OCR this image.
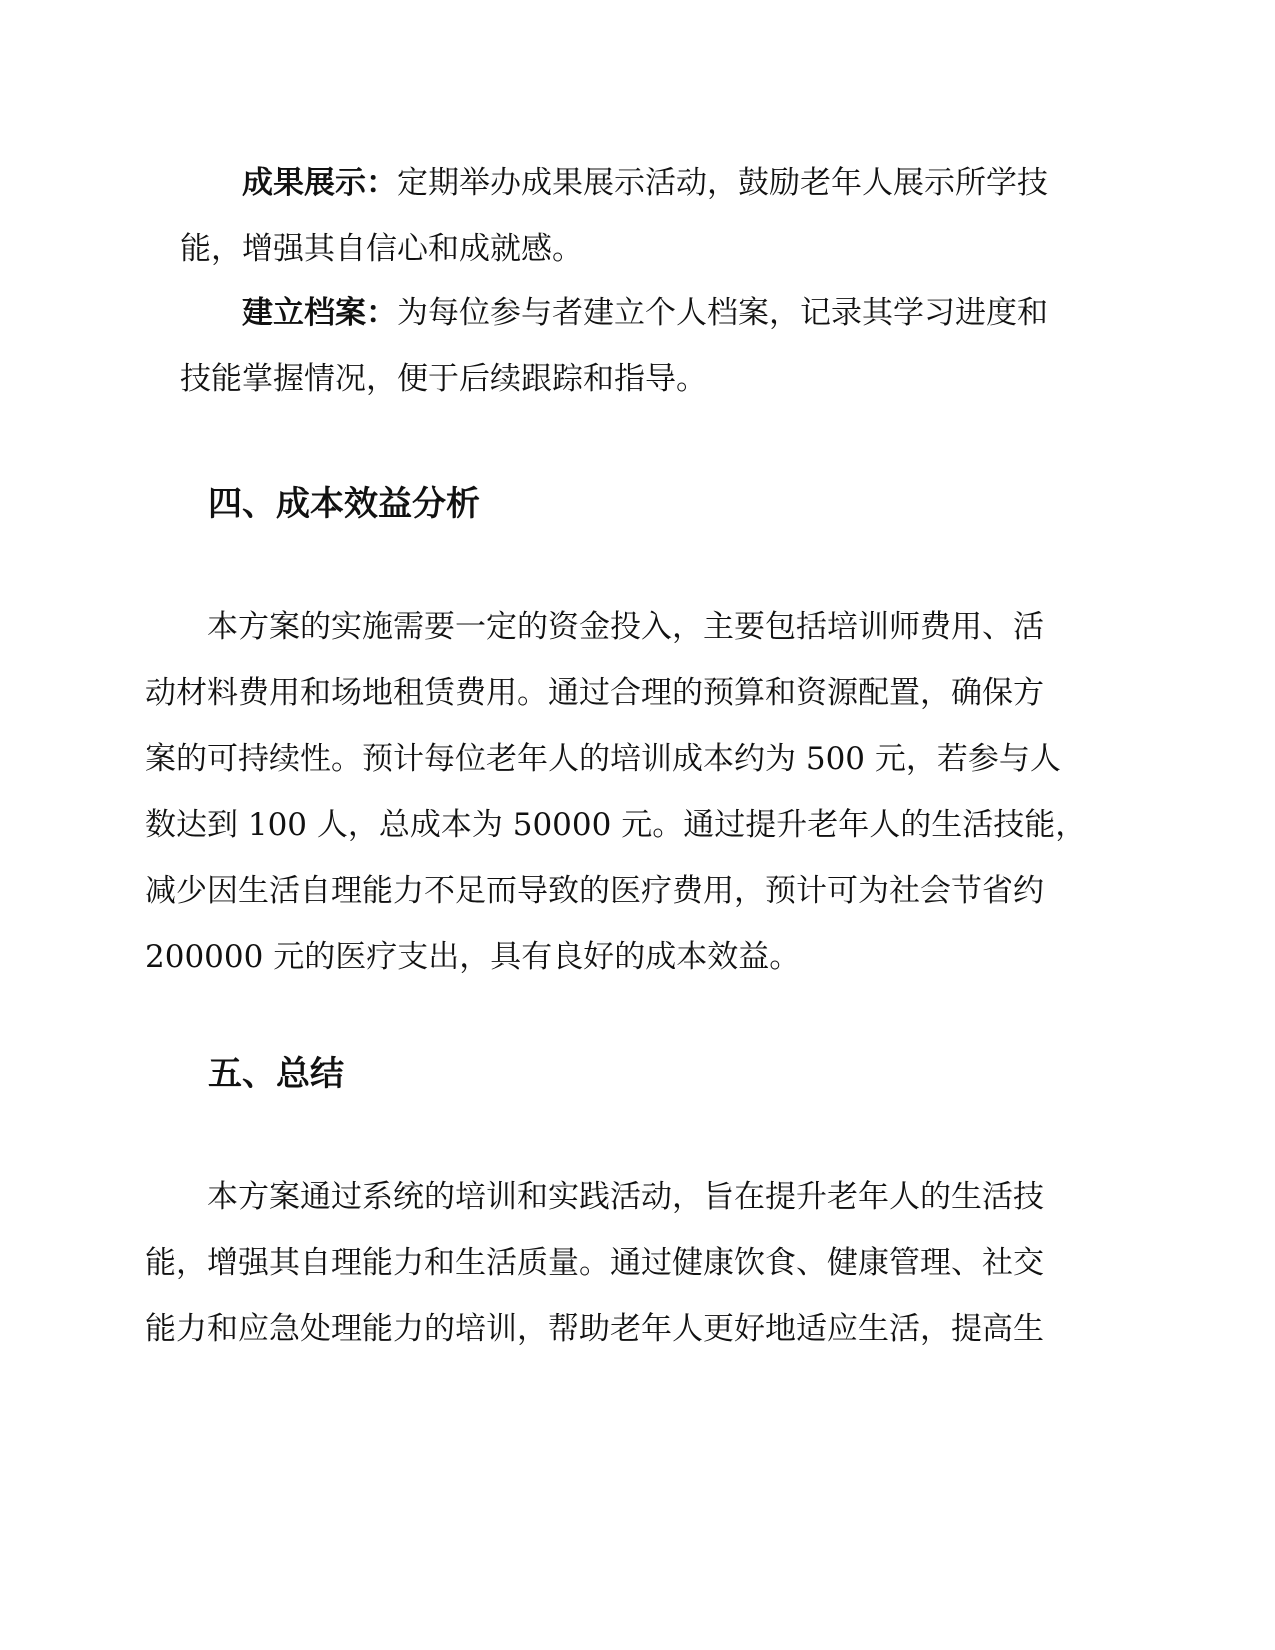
成果展示：定期举办成果展示活动，鼓励老年人展示所学技
能，增强其自信心和成就感。
建立档案：为每位参与者建立个人档案，记录其学习进度和
技能掌握情况，便于后续跟踪和指导。
四、成本效益分析
本方案的实施需要一定的资金投入，主要包括培训师费用、活
动材料费用和场地租赁费用。通过合理的预算和资源配置，确保方
案的可持续性。预计每位老年人的培训成本约为 500 元，若参与人
数达到 100 人，总成本为 50000 元。通过提升老年人的生活技能，
减少因生活自理能力不足而导致的医疗费用，预计可为社会节省约
200000 元的医疗支出，具有良好的成本效益。
五、总结
本方案通过系统的培训和实践活动，旨在提升老年人的生活技
能，增强其自理能力和生活质量。通过健康饮食、健康管理、社交
能力和应急处理能力的培训，帮助老年人更好地适应生活，提高生
